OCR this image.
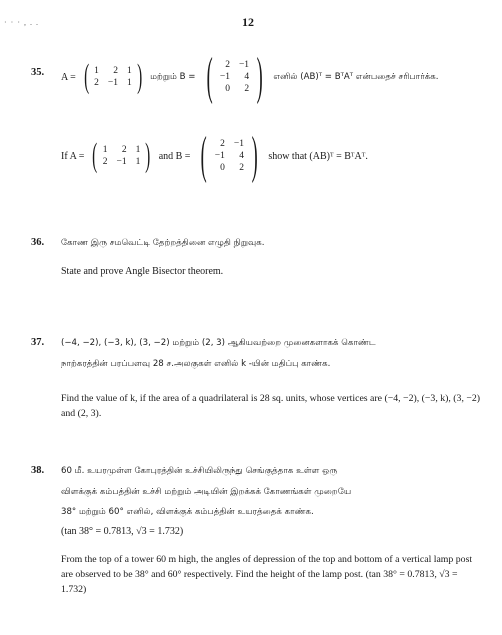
· · · , . .	12
35. A = ( 1	2 1
2 −1 1 ) மற்றும் B = (	2 −1
−1	4
0	2 ) எனில் (AB)ᵀ = BᵀAᵀ என்பதைச் சரிபார்க்க.
If A = ( 1	2 1
2 −1 1 ) and B = (	2 −1
−1	4
0	2 ) show that (AB)ᵀ = BᵀAᵀ.
36. கோண இரு சமவெட்டி தேற்றத்தினை எழுதி நிறுவுக.
State and prove Angle Bisector theorem.
37. (−4, −2), (−3, k), (3, −2) மற்றும் (2, 3) ஆகியவற்றை முனைகளாகக் கொண்ட
நாற்கரத்தின் பரப்பளவு 28 ச.அலகுகள் எனில் k -யின் மதிப்பு காண்க.
Find the value of k, if the area of a quadrilateral is 28 sq. units, whose vertices are (−4, −2), (−3, k), (3, −2) and (2, 3).
38. 60 மீ. உயரமுள்ள கோபுரத்தின் உச்சியிலிருந்து செங்குத்தாக உள்ள ஒரு
விளக்குக் கம்பத்தின் உச்சி மற்றும் அடியின் இறக்கக் கோணங்கள் முறையே
38° மற்றும் 60° எனில், விளக்குக் கம்பத்தின் உயரத்தைக் காண்க.
(tan 38° = 0.7813, √3 = 1.732)
From the top of a tower 60 m high, the angles of depression of the top and bottom of a vertical lamp post are observed to be 38° and 60° respectively. Find the height of the lamp post. (tan 38° = 0.7813, √3 = 1.732)
